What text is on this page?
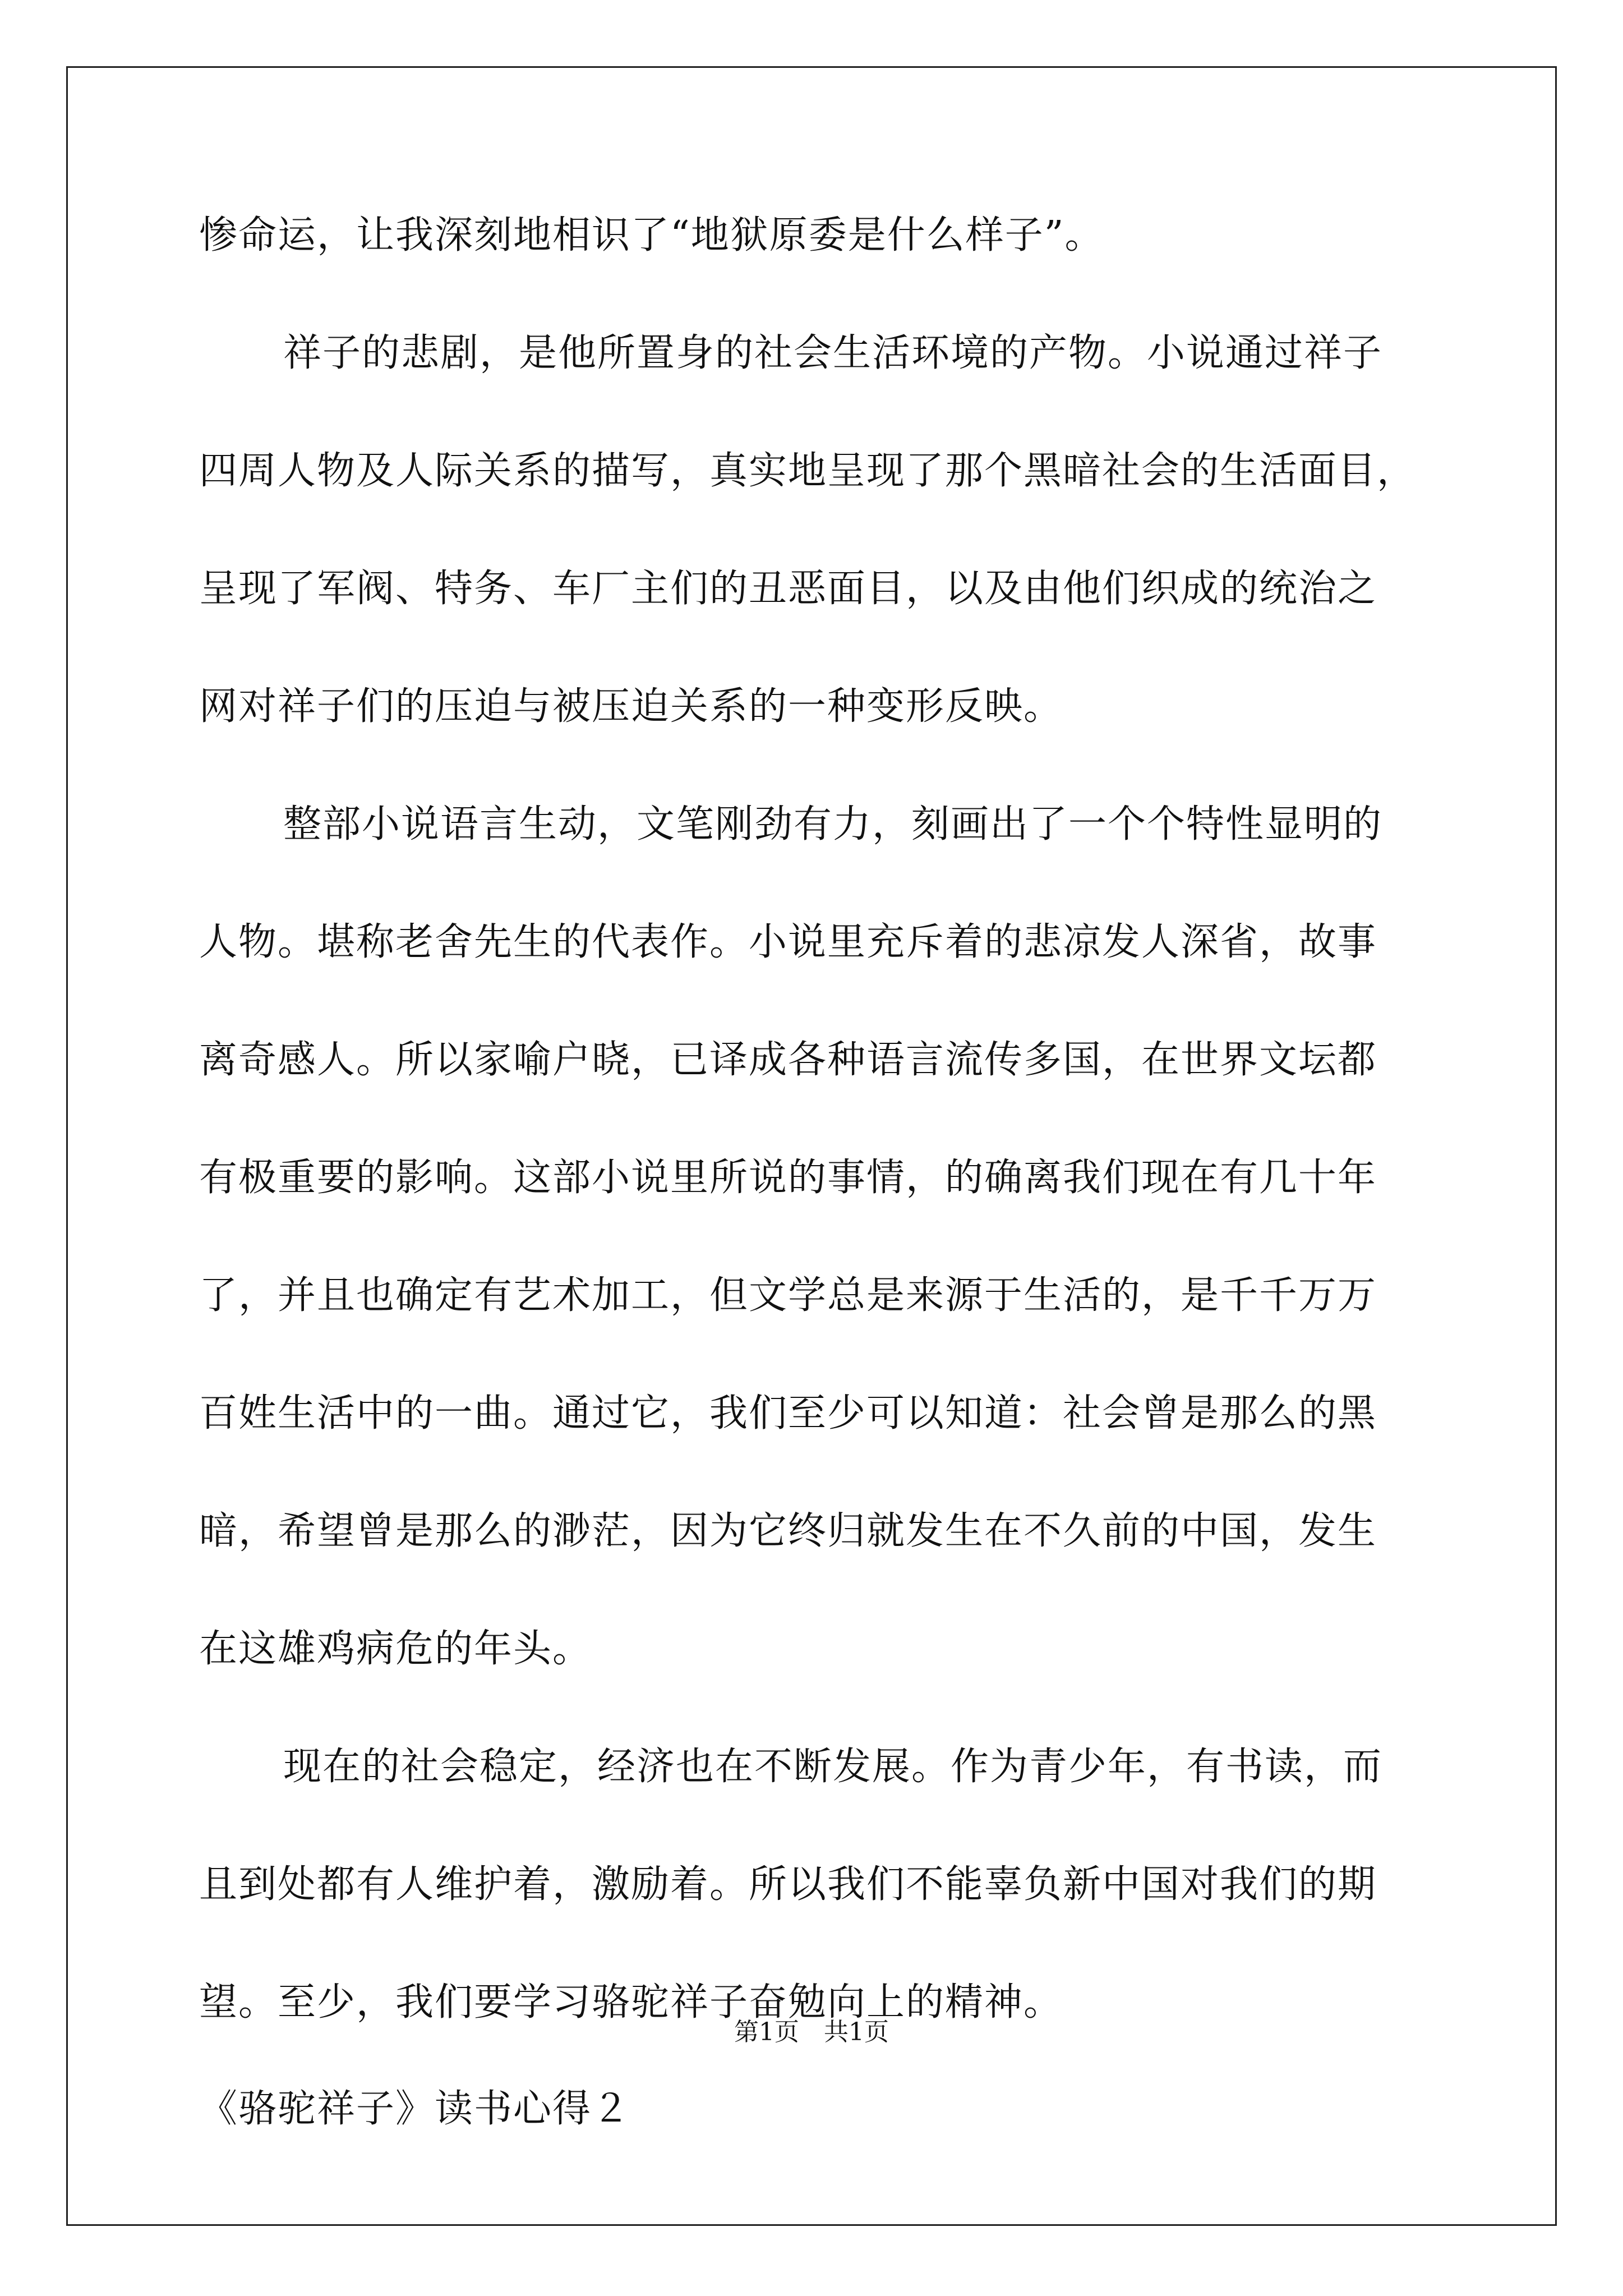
惨命运，让我深刻地相识了“地狱原委是什么样子”。
祥子的悲剧，是他所置身的社会生活环境的产物。小说通过祥子
四周人物及人际关系的描写，真实地呈现了那个黑暗社会的生活面目，
呈现了军阀、特务、车厂主们的丑恶面目，以及由他们织成的统治之
网对祥子们的压迫与被压迫关系的一种变形反映。
整部小说语言生动，文笔刚劲有力，刻画出了一个个特性显明的
人物。堪称老舍先生的代表作。小说里充斥着的悲凉发人深省，故事
离奇感人。所以家喻户晓，已译成各种语言流传多国，在世界文坛都
有极重要的影响。这部小说里所说的事情，的确离我们现在有几十年
了，并且也确定有艺术加工，但文学总是来源于生活的，是千千万万
百姓生活中的一曲。通过它，我们至少可以知道：社会曾是那么的黑
暗，希望曾是那么的渺茫，因为它终归就发生在不久前的中国，发生
在这雄鸡病危的年头。
现在的社会稳定，经济也在不断发展。作为青少年，有书读，而
且到处都有人维护着，激励着。所以我们不能辜负新中国对我们的期
望。至少，我们要学习骆驼祥子奋勉向上的精神。
《骆驼祥子》读书心得２
第1页　共1页
